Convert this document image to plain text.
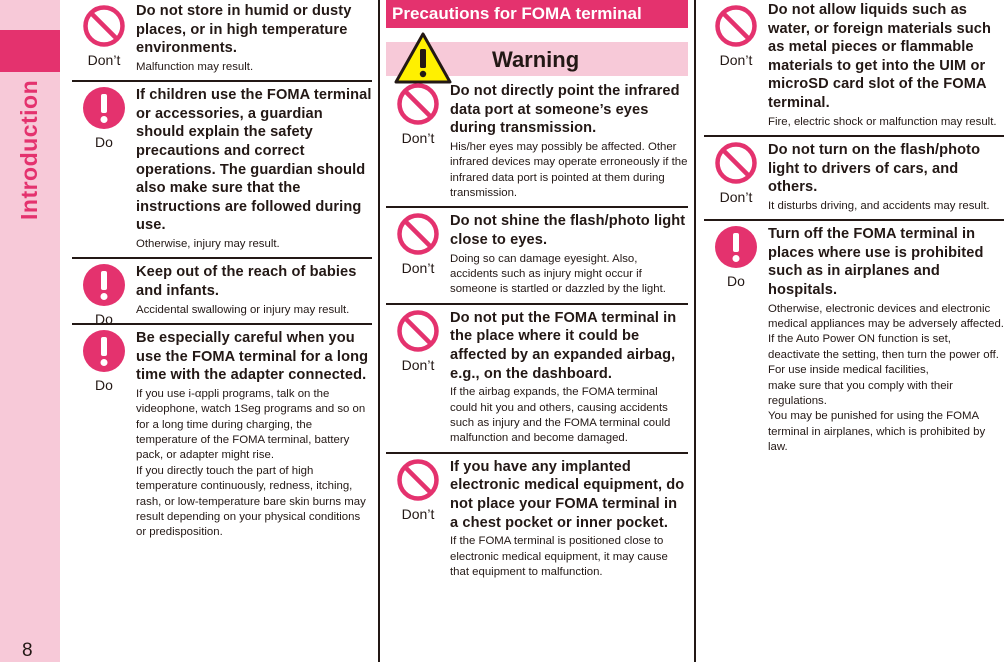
Introduction
8
Don’t
Do not store in humid or dusty places, or in high temperature environments.
Malfunction may result.
Do
If children use the FOMA terminal or accessories, a guardian should explain the safety precautions and correct operations. The guardian should also make sure that the instructions are followed during use.
Otherwise, injury may result.
Do
Keep out of the reach of babies and infants.
Accidental swallowing or injury may result.
Do
Be especially careful when you use the FOMA terminal for a long time with the adapter connected.
If you use i-αppli programs, talk on the videophone, watch 1Seg programs and so on for a long time during charging, the temperature of the FOMA terminal, battery pack, or adapter might rise.
If you directly touch the part of high temperature continuously, redness, itching, rash, or low-temperature bare skin burns may result depending on your physical conditions or predisposition.
Precautions for FOMA terminal
Warning
Don’t
Do not directly point the infrared data port at someone’s eyes during transmission.
His/her eyes may possibly be affected. Other infrared devices may operate erroneously if the infrared data port is pointed at them during transmission.
Don’t
Do not shine the flash/photo light close to eyes.
Doing so can damage eyesight. Also, accidents such as injury might occur if someone is startled or dazzled by the light.
Don’t
Do not put the FOMA terminal in the place where it could be affected by an expanded airbag, e.g., on the dashboard.
If the airbag expands, the FOMA terminal could hit you and others, causing accidents such as injury and the FOMA terminal could malfunction and become damaged.
Don’t
If you have any implanted electronic medical equipment, do not place your FOMA terminal in a chest pocket or inner pocket.
If the FOMA terminal is positioned close to electronic medical equipment, it may cause that equipment to malfunction.
Don’t
Do not allow liquids such as water, or foreign materials such as metal pieces or flammable materials to get into the UIM or microSD card slot of the FOMA terminal.
Fire, electric shock or malfunction may result.
Don’t
Do not turn on the flash/photo light to drivers of cars, and others.
It disturbs driving, and accidents may result.
Do
Turn off the FOMA terminal in places where use is prohibited such as in airplanes and hospitals.
Otherwise, electronic devices and electronic medical appliances may be adversely affected. If the Auto Power ON function is set, deactivate the setting, then turn the power off.
For use inside medical facilities,
make sure that you comply with their regulations.
You may be punished for using the FOMA terminal in airplanes, which is prohibited by law.
